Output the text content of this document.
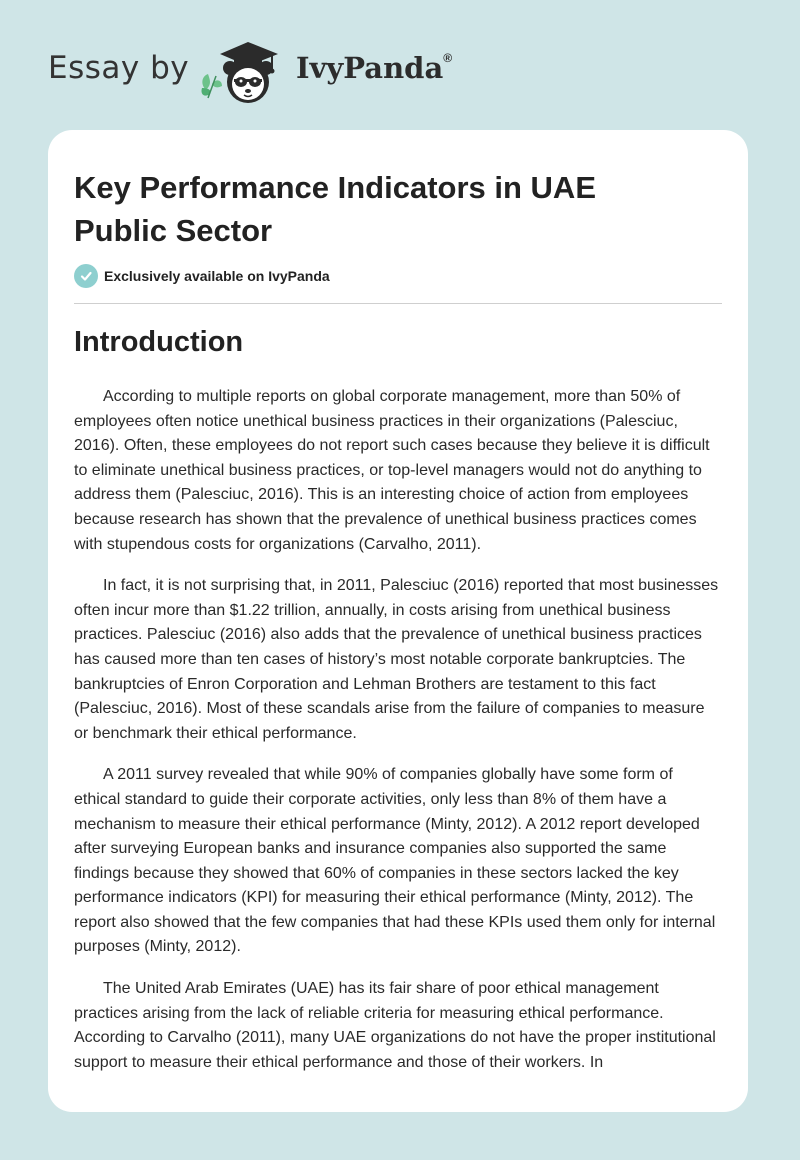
Essay by	IvyPanda®
Key Performance Indicators in UAE Public Sector
Exclusively available on IvyPanda
Introduction

According to multiple reports on global corporate management, more than 50% of employees often notice unethical business practices in their organizations (Palesciuc, 2016). Often, these employees do not report such cases because they believe it is difficult to eliminate unethical business practices, or top-level managers would not do anything to address them (Palesciuc, 2016). This is an interesting choice of action from employees because research has shown that the prevalence of unethical business practices comes with stupendous costs for organizations (Carvalho, 2011).

In fact, it is not surprising that, in 2011, Palesciuc (2016) reported that most businesses often incur more than $1.22 trillion, annually, in costs arising from unethical business practices. Palesciuc (2016) also adds that the prevalence of unethical business practices has caused more than ten cases of history’s most notable corporate bankruptcies. The bankruptcies of Enron Corporation and Lehman Brothers are testament to this fact (Palesciuc, 2016). Most of these scandals arise from the failure of companies to measure or benchmark their ethical performance.

A 2011 survey revealed that while 90% of companies globally have some form of ethical standard to guide their corporate activities, only less than 8% of them have a mechanism to measure their ethical performance (Minty, 2012). A 2012 report developed after surveying European banks and insurance companies also supported the same findings because they showed that 60% of companies in these sectors lacked the key performance indicators (KPI) for measuring their ethical performance (Minty, 2012). The report also showed that the few companies that had these KPIs used them only for internal purposes (Minty, 2012).

The United Arab Emirates (UAE) has its fair share of poor ethical management practices arising from the lack of reliable criteria for measuring ethical performance. According to Carvalho (2011), many UAE organizations do not have the proper institutional support to measure their ethical performance and those of their workers. In
